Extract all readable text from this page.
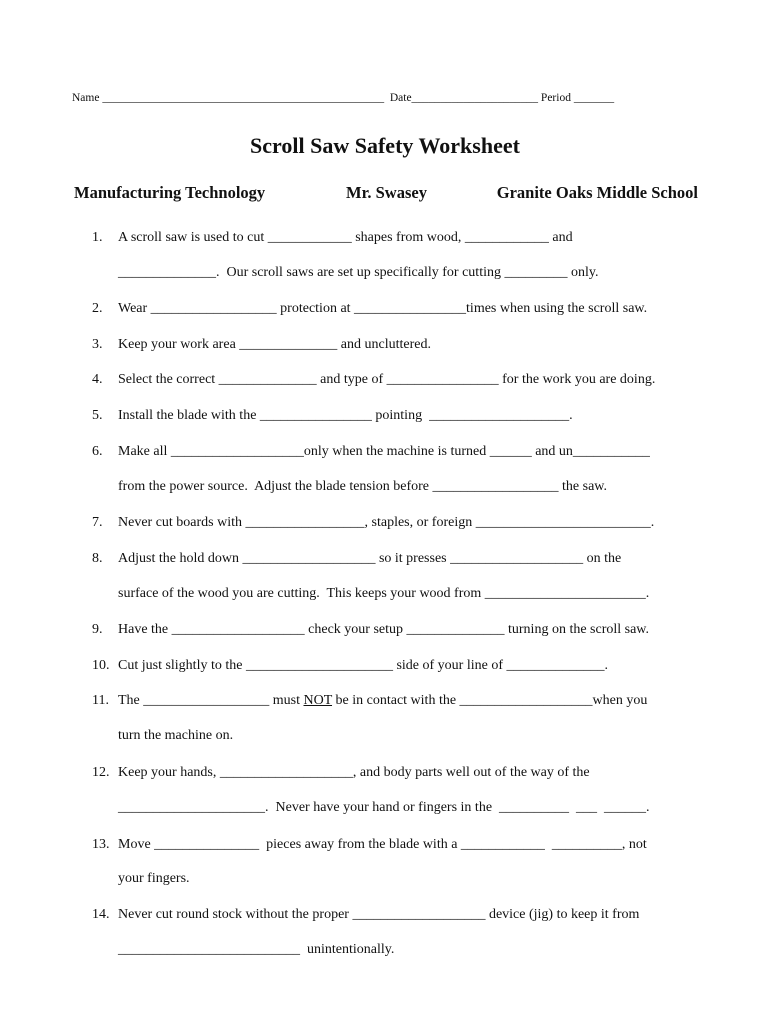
Name _________________________________________________  Date______________________ Period _______
Scroll Saw Safety Worksheet
Manufacturing Technology	Mr. Swasey	Granite Oaks Middle School
1. A scroll saw is used to cut ____________ shapes from wood, ____________ and
______________.  Our scroll saws are set up specifically for cutting _________ only.
2. Wear __________________ protection at ________________times when using the scroll saw.
3. Keep your work area ______________ and uncluttered.
4. Select the correct ______________ and type of ________________ for the work you are doing.
5. Install the blade with the ________________ pointing  ____________________.
6. Make all ___________________only when the machine is turned ______ and un___________
from the power source.  Adjust the blade tension before __________________ the saw.
7. Never cut boards with _________________, staples, or foreign _________________________.
8. Adjust the hold down ___________________ so it presses ___________________ on the
surface of the wood you are cutting.  This keeps your wood from _______________________.
9. Have the ___________________ check your setup ______________ turning on the scroll saw.
10. Cut just slightly to the _____________________ side of your line of ______________.
11. The __________________ must NOT be in contact with the ___________________when you
turn the machine on.
12. Keep your hands, ___________________, and body parts well out of the way of the
_____________________.  Never have your hand or fingers in the  __________  ___  ______.
13. Move _______________  pieces away from the blade with a ____________  __________, not
your fingers.
14. Never cut round stock without the proper ___________________ device (jig) to keep it from
__________________________  unintentionally.
